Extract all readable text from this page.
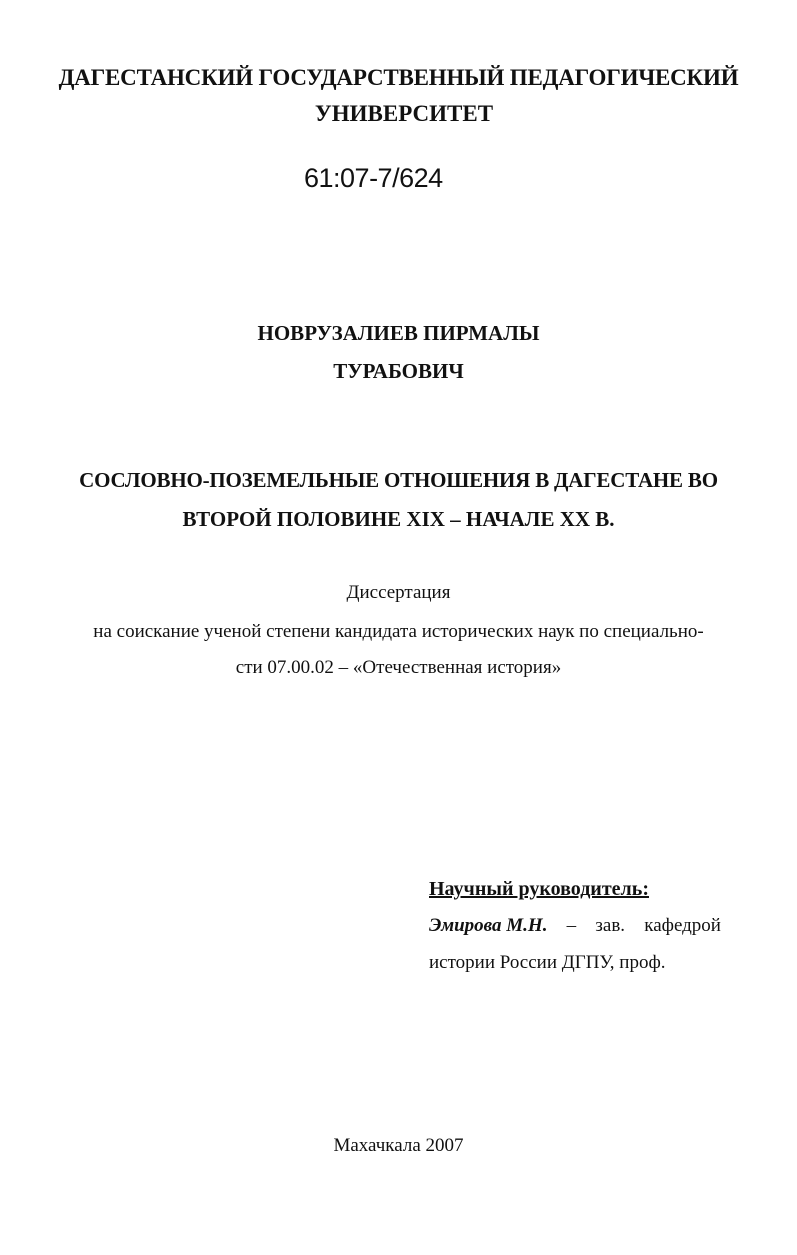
ДАГЕСТАНСКИЙ ГОСУДАРСТВЕННЫЙ ПЕДАГОГИЧЕСКИЙ
УНИВЕРСИТЕТ
61:07-7/624
НОВРУЗАЛИЕВ ПИРМАЛЫ
ТУРАБОВИЧ
СОСЛОВНО-ПОЗЕМЕЛЬНЫЕ ОТНОШЕНИЯ В ДАГЕСТАНЕ ВО
ВТОРОЙ ПОЛОВИНЕ XIX – НАЧАЛЕ XX В.
Диссертация
на соискание ученой степени кандидата исторических наук по специально-
сти 07.00.02 – «Отечественная история»
Научный руководитель:
Эмирова М.Н. – зав. кафедрой
истории России ДГПУ, проф.
Махачкала 2007
